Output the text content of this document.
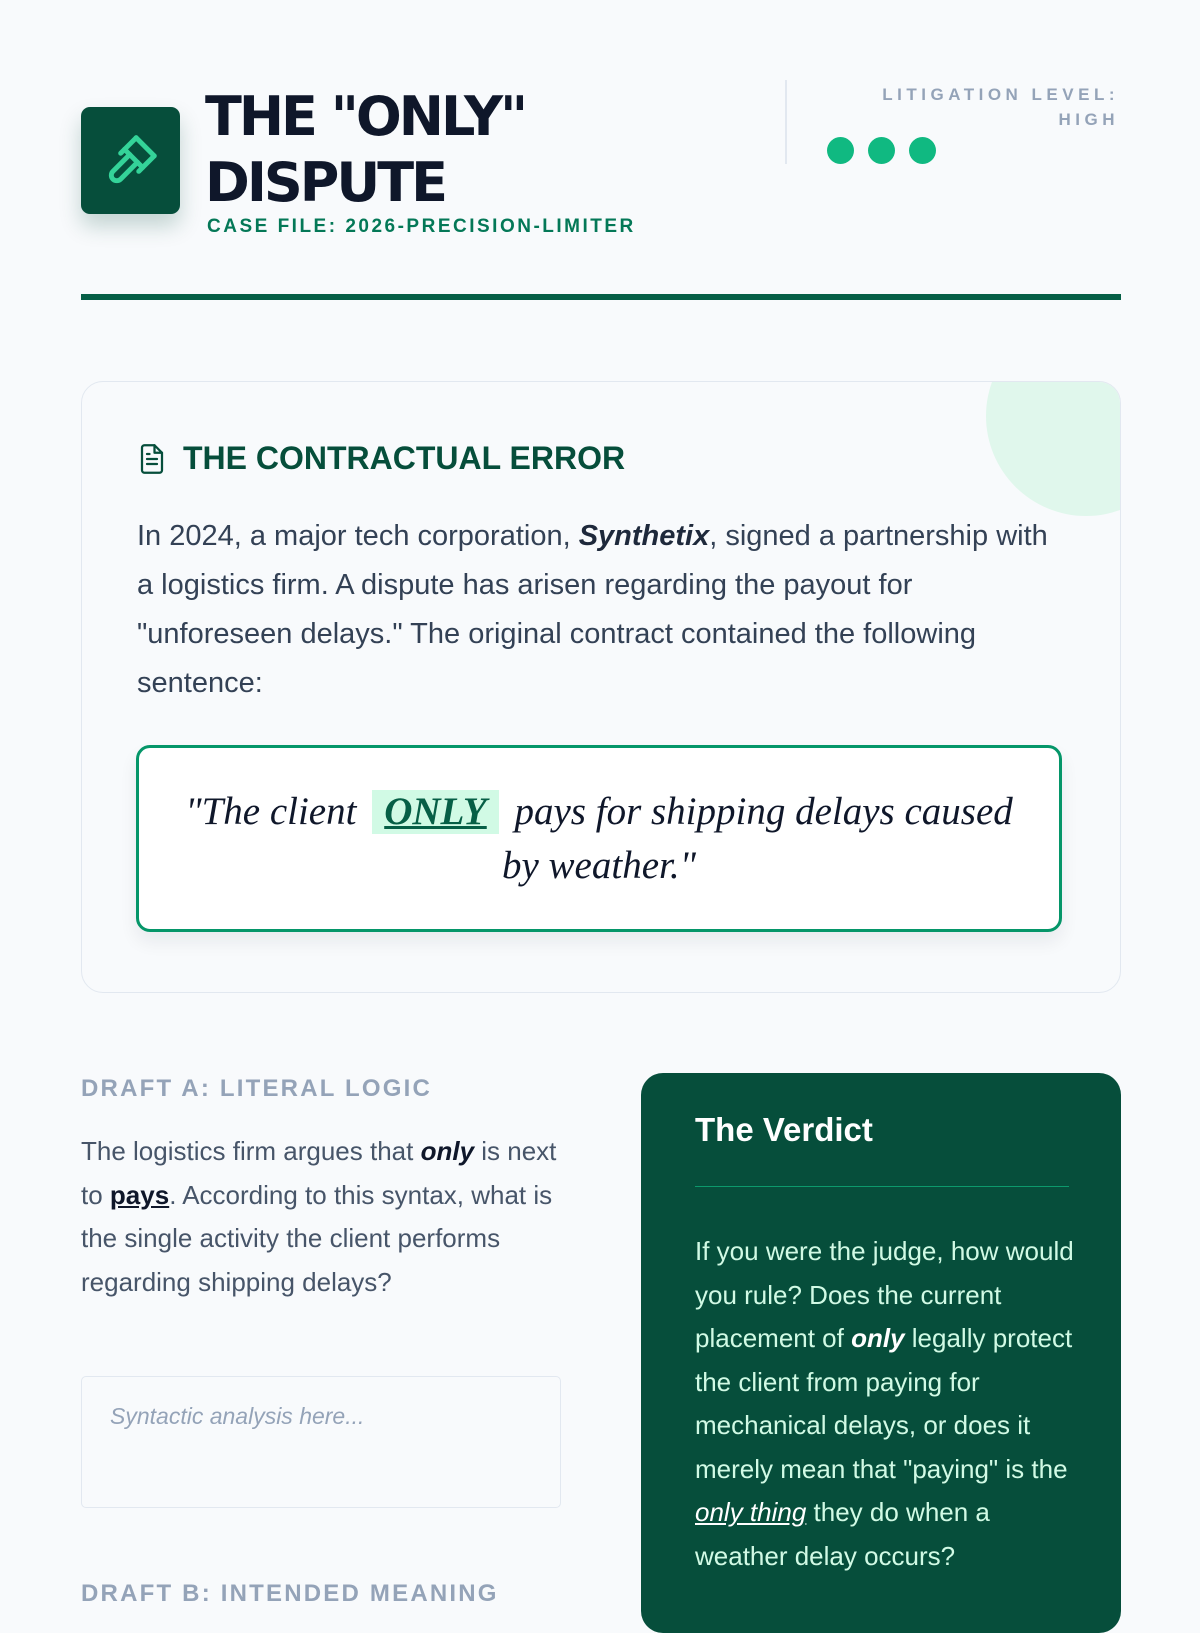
THE "ONLY"
DISPUTE

CASE FILE: 2026-PRECISION-LIMITER

LITIGATION LEVEL: HIGH
THE CONTRACTUAL ERROR

In 2024, a major tech corporation, Synthetix, signed a partnership with a logistics firm. A dispute has arisen regarding the payout for "unforeseen delays." The original contract contained the following sentence:

"The client ONLY pays for shipping delays caused by weather."

DRAFT A: LITERAL LOGIC

The logistics firm argues that only is next to pays. According to this syntax, what is the single activity the client performs regarding shipping delays?

Syntactic analysis here...
DRAFT B: INTENDED MEANING
The Verdict

If you were the judge, how would you rule? Does the current placement of only legally protect the client from paying for mechanical delays, or does it merely mean that "paying" is the only thing they do when a weather delay occurs?
